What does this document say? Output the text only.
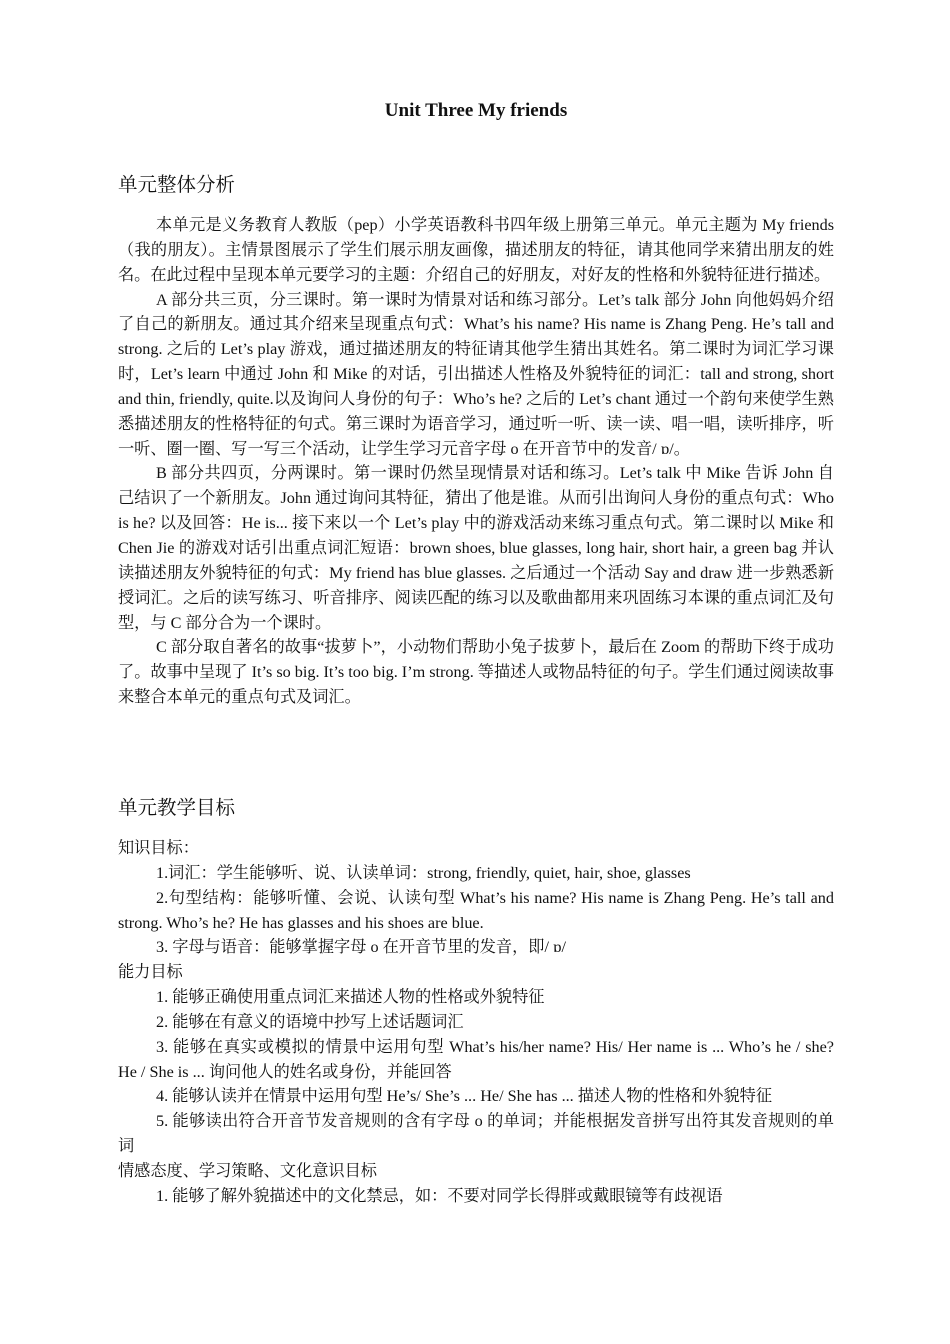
Unit Three My friends
单元整体分析

本单元是义务教育人教版（pep）小学英语教科书四年级上册第三单元。单元主题为 My friends（我的朋友）。主情景图展示了学生们展示朋友画像，描述朋友的特征，请其他同学来猜出朋友的姓名。在此过程中呈现本单元要学习的主题：介绍自己的好朋友，对好友的性格和外貌特征进行描述。

A 部分共三页，分三课时。第一课时为情景对话和练习部分。Let’s talk 部分 John 向他妈妈介绍了自己的新朋友。通过其介绍来呈现重点句式：What’s his name? His name is Zhang Peng. He’s tall and strong. 之后的 Let’s play 游戏，通过描述朋友的特征请其他学生猜出其姓名。第二课时为词汇学习课时，Let’s learn 中通过 John 和 Mike 的对话，引出描述人性格及外貌特征的词汇：tall and strong, short and thin, friendly, quite.以及询问人身份的句子：Who’s he? 之后的 Let’s chant 通过一个韵句来使学生熟悉描述朋友的性格特征的句式。第三课时为语音学习，通过听一听、读一读、唱一唱，读听排序，听一听、圈一圈、写一写三个活动，让学生学习元音字母 o 在开音节中的发音/ ɒ/。

B 部分共四页，分两课时。第一课时仍然呈现情景对话和练习。Let’s talk 中 Mike 告诉 John 自己结识了一个新朋友。John 通过询问其特征，猜出了他是谁。从而引出询问人身份的重点句式：Who is he? 以及回答：He is... 接下来以一个 Let’s play 中的游戏活动来练习重点句式。第二课时以 Mike 和 Chen Jie 的游戏对话引出重点词汇短语：brown shoes, blue glasses, long hair, short hair, a green bag 并认读描述朋友外貌特征的句式：My friend has blue glasses. 之后通过一个活动 Say and draw 进一步熟悉新授词汇。之后的读写练习、听音排序、阅读匹配的练习以及歌曲都用来巩固练习本课的重点词汇及句型，与 C 部分合为一个课时。

C 部分取自著名的故事“拔萝卜”，小动物们帮助小兔子拔萝卜，最后在 Zoom 的帮助下终于成功了。故事中呈现了 It’s so big. It’s too big. I’m strong. 等描述人或物品特征的句子。学生们通过阅读故事来整合本单元的重点句式及词汇。

单元教学目标

知识目标：

1.词汇：学生能够听、说、认读单词：strong, friendly, quiet, hair, shoe, glasses

2.句型结构：能够听懂、会说、认读句型 What’s his name? His name is Zhang Peng. He’s tall and strong. Who’s he? He has glasses and his shoes are blue.

3. 字母与语音：能够掌握字母 o 在开音节里的发音，即/ ɒ/

能力目标

1. 能够正确使用重点词汇来描述人物的性格或外貌特征

2. 能够在有意义的语境中抄写上述话题词汇

3. 能够在真实或模拟的情景中运用句型 What’s his/her name? His/ Her name is ... Who’s he / she? He / She is ... 询问他人的姓名或身份，并能回答

4. 能够认读并在情景中运用句型 He’s/ She’s ... He/ She has ... 描述人物的性格和外貌特征

5. 能够读出符合开音节发音规则的含有字母 o 的单词；并能根据发音拼写出符其发音规则的单词

情感态度、学习策略、文化意识目标

1. 能够了解外貌描述中的文化禁忌，如：不要对同学长得胖或戴眼镜等有歧视语
